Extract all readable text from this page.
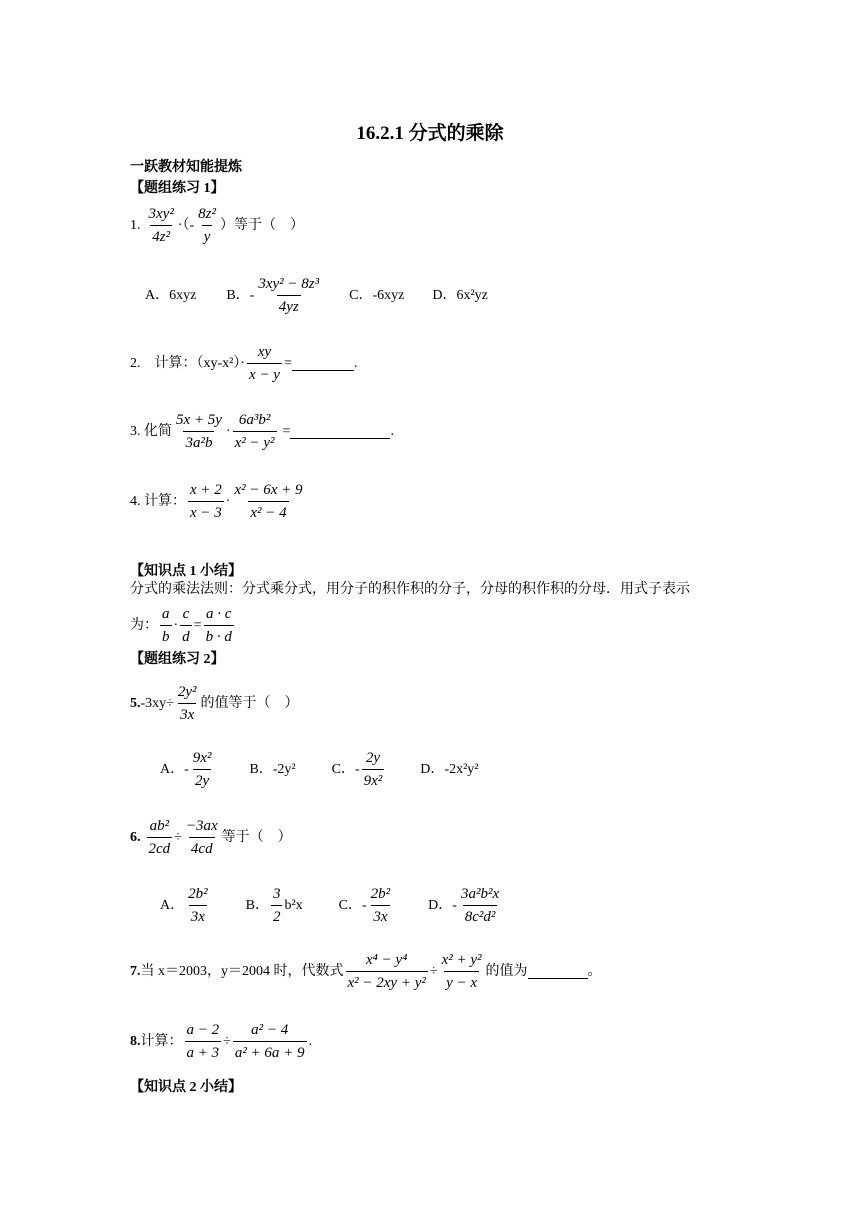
16.2.1 分式的乘除
一跃教材知能提炼
【题组练习 1】
1. $\frac{\text{3xy²}}{\text{4z²}}$ ·（- $\frac{\text{8z²}}{y}$ ）等于（　）
A．6xyz B．- $\frac{\text{3xy² − 8z³}}{4yz}$ C．-6xyz D．6x²yz
2.　计算：$(xy-x^2)\cdot \frac{xy}{x - y}$ =	.
3. 化简 $\frac{5x + 5y}{\text{3a²b}} \cdot \frac{\text{6a³b²}}{\text{x² − y²}}$ =	.
4. 计算： $\frac{x + 2}{x - 3} \cdot \frac{\text{x² − 6x + 9}}{\text{x² − 4}}$
【知识点 1 小结】
分式的乘法法则：分式乘分式，用分子的积作积的分子，分母的积作积的分母．用式子表示
为： $\frac{a}{b} \cdot \frac{c}{d} = \frac{a \cdot c}{b \cdot d}$
【题组练习 2】
5. $-3xy\div \frac{\text{2y²}}{3x}$ 的值等于（　）
A．- $\frac{\text{9x²}}{2y}$	B．-2y²	C．- $\frac{2y}{\text{9x²}}$	D．-2x²y²
6. $\frac{\text{ab²}}{2cd} \div \frac{-3ax}{4cd}$ 等于（　）
A． $\frac{\text{2b²}}{3x}$	B． $\frac{3}{2} b^2x$	C．- $\frac{\text{2b²}}{3x}$	D．- $\frac{\text{3a²b²x}}{\text{8c²d²}}$
7. 当 x＝2003，y＝2004 时，代数式 $\frac{\text{x⁴ − y⁴}}{\text{x² − 2xy + y²}} \div \frac{\text{x² + y²}}{y - x}$ 的值为	。
8. 计算： $\frac{a - 2}{a + 3} \div \frac{\text{a² − 4}}{\text{a² + 6a + 9}}$ .
【知识点 2 小结】
